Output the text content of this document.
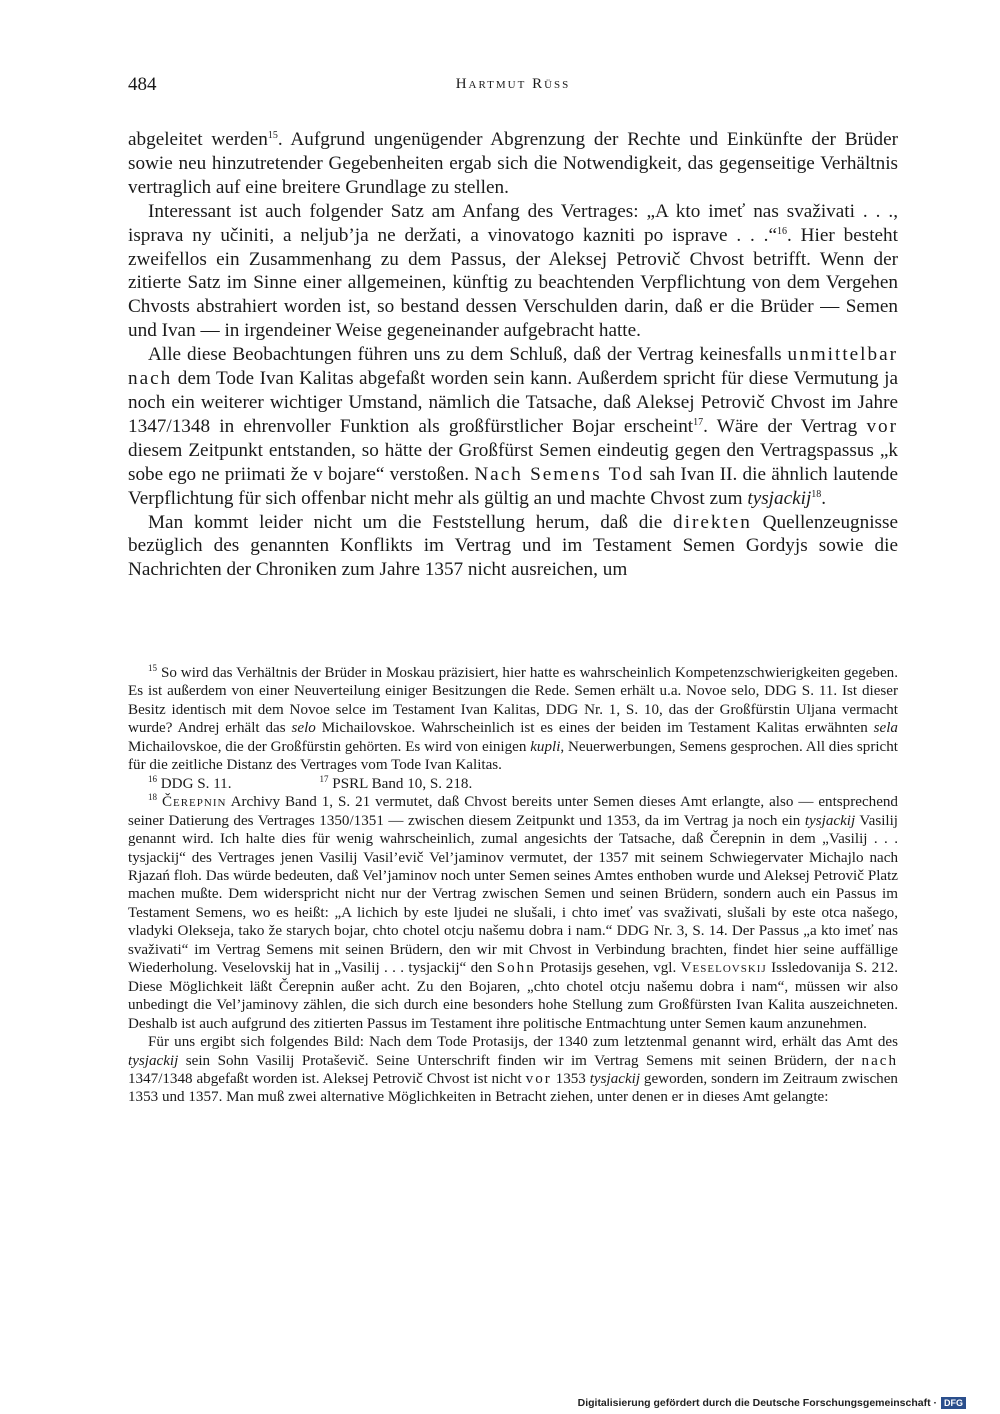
484	Hartmut Rüss

abgeleitet werden$^{15}$. Aufgrund ungenügender Abgrenzung der Rechte und Einkünfte der Brüder sowie neu hinzutretender Gegebenheiten ergab sich die Notwendigkeit, das gegenseitige Verhältnis vertraglich auf eine breitere Grundlage zu stellen.

Interessant ist auch folgender Satz am Anfang des Vertrages: „A kto imeť nas svaživati . . ., isprava ny učiniti, a neljub’ja ne deržati, a vinovatogo kazniti po isprave . . .“$^{16}$. Hier besteht zweifellos ein Zusammenhang zu dem Passus, der Aleksej Petrovič Chvost betrifft. Wenn der zitierte Satz im Sinne einer allgemeinen, künftig zu beachtenden Verpflichtung von dem Vergehen Chvosts abstrahiert worden ist, so bestand dessen Verschulden darin, daß er die Brüder — Semen und Ivan — in irgendeiner Weise gegeneinander aufgebracht hatte.

Alle diese Beobachtungen führen uns zu dem Schluß, daß der Vertrag keinesfalls unmittelbar nach dem Tode Ivan Kalitas abgefaßt worden sein kann. Außerdem spricht für diese Vermutung ja noch ein weiterer wichtiger Umstand, nämlich die Tatsache, daß Aleksej Petrovič Chvost im Jahre 1347/1348 in ehrenvoller Funktion als großfürstlicher Bojar erscheint$^{17}$. Wäre der Vertrag vor diesem Zeitpunkt entstanden, so hätte der Großfürst Semen eindeutig gegen den Vertragspassus „k sobe ego ne priimati že v bojare“ verstoßen. Nach Semens Tod sah Ivan II. die ähnlich lautende Verpflichtung für sich offenbar nicht mehr als gültig an und machte Chvost zum tysjackij$^{18}$.

Man kommt leider nicht um die Feststellung herum, daß die direkten Quellenzeugnisse bezüglich des genannten Konflikts im Vertrag und im Testament Semen Gordyjs sowie die Nachrichten der Chroniken zum Jahre 1357 nicht ausreichen, um

$^{15}$ So wird das Verhältnis der Brüder in Moskau präzisiert, hier hatte es wahrscheinlich Kompetenzschwierigkeiten gegeben. Es ist außerdem von einer Neuverteilung einiger Besitzungen die Rede. Semen erhält u.a. Novoe selo, DDG S. 11. Ist dieser Besitz identisch mit dem Novoe selce im Testament Ivan Kalitas, DDG Nr. 1, S. 10, das der Großfürstin Uljana vermacht wurde? Andrej erhält das selo Michailovskoe. Wahrscheinlich ist es eines der beiden im Testament Kalitas erwähnten sela Michailovskoe, die der Großfürstin gehörten. Es wird von einigen kupli, Neuerwerbungen, Semens gesprochen. All dies spricht für die zeitliche Distanz des Vertrages vom Tode Ivan Kalitas.

$^{16}$ DDG S. 11.	$^{17}$ PSRL Band 10, S. 218.

$^{18}$ Čerepnin Archivy Band 1, S. 21 vermutet, daß Chvost bereits unter Semen dieses Amt erlangte, also — entsprechend seiner Datierung des Vertrages 1350/1351 — zwischen diesem Zeitpunkt und 1353, da im Vertrag ja noch ein tysjackij Vasilij genannt wird. Ich halte dies für wenig wahrscheinlich, zumal angesichts der Tatsache, daß Čerepnin in dem „Vasilij . . . tysjackij“ des Vertrages jenen Vasilij Vasil’evič Vel’jaminov vermutet, der 1357 mit seinem Schwiegervater Michajlo nach Rjazań floh. Das würde bedeuten, daß Vel’jaminov noch unter Semen seines Amtes enthoben wurde und Aleksej Petrovič Platz machen mußte. Dem widerspricht nicht nur der Vertrag zwischen Semen und seinen Brüdern, sondern auch ein Passus im Testament Semens, wo es heißt: „A lichich by este ljudei ne slušali, i chto imeť vas svaživati, slušali by este otca našego, vladyki Oleksеja, tako že starych bojar, chto chotel otcju našemu dobra i nam.“ DDG Nr. 3, S. 14. Der Passus „a kto imeť nas svaživati“ im Vertrag Semens mit seinen Brüdern, den wir mit Chvost in Verbindung brachten, findet hier seine auffällige Wiederholung. Veselovskij hat in „Vasilij . . . tysjackij“ den Sohn Protasijs gesehen, vgl. Veselovskij Issledovanija S. 212. Diese Möglichkeit läßt Čerepnin außer acht. Zu den Bojaren, „chto chotel otcju našemu dobra i nam“, müssen wir also unbedingt die Vel’jaminovy zählen, die sich durch eine besonders hohe Stellung zum Großfürsten Ivan Kalita auszeichneten. Deshalb ist auch aufgrund des zitierten Passus im Testament ihre politische Entmachtung unter Semen kaum anzunehmen.

Für uns ergibt sich folgendes Bild: Nach dem Tode Protasijs, der 1340 zum letztenmal genannt wird, erhält das Amt des tysjackij sein Sohn Vasilij Protaševič. Seine Unterschrift finden wir im Vertrag Semens mit seinen Brüdern, der nach 1347/1348 abgefaßt worden ist. Aleksej Petrovič Chvost ist nicht vor 1353 tysjackij geworden, sondern im Zeitraum zwischen 1353 und 1357. Man muß zwei alternative Möglichkeiten in Betracht ziehen, unter denen er in dieses Amt gelangte:

Digitalisierung gefördert durch die Deutsche Forschungsgemeinschaft · DFG
